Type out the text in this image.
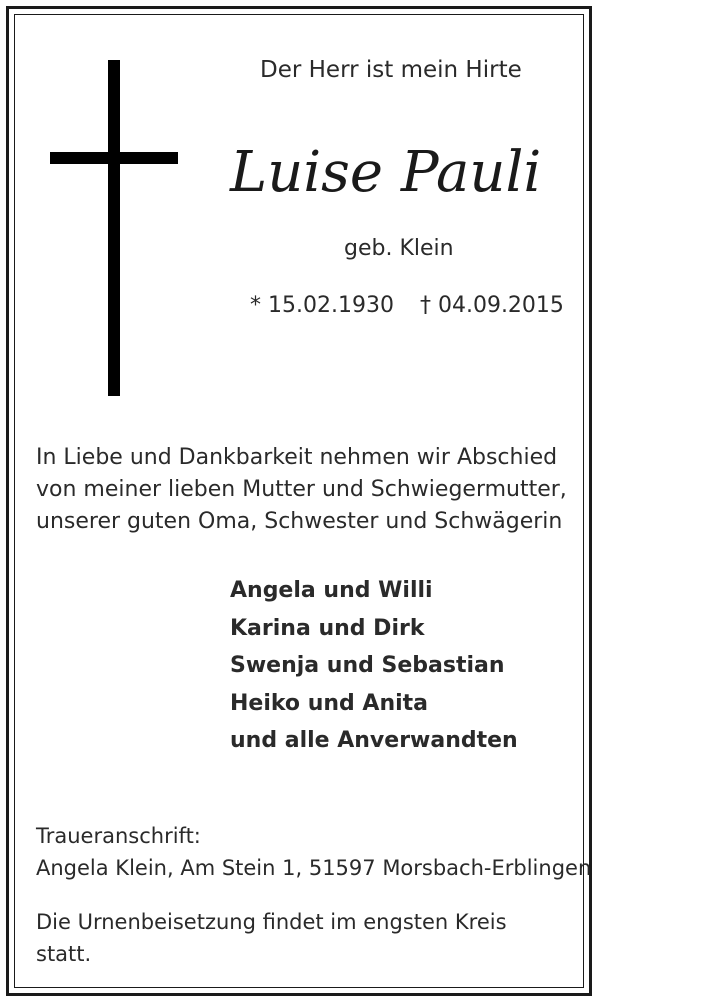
Der Herr ist mein Hirte
Luise Pauli
geb. Klein
* 15.02.1930 † 04.09.2015
In Liebe und Dankbarkeit nehmen wir Abschied
von meiner lieben Mutter und Schwiegermutter,
unserer guten Oma, Schwester und Schwägerin
Angela und Willi
Karina und Dirk
Swenja und Sebastian
Heiko und Anita
und alle Anverwandten
Traueranschrift:
Angela Klein, Am Stein 1, 51597 Morsbach-Erblingen
Die Urnenbeisetzung findet im engsten Kreis statt.
